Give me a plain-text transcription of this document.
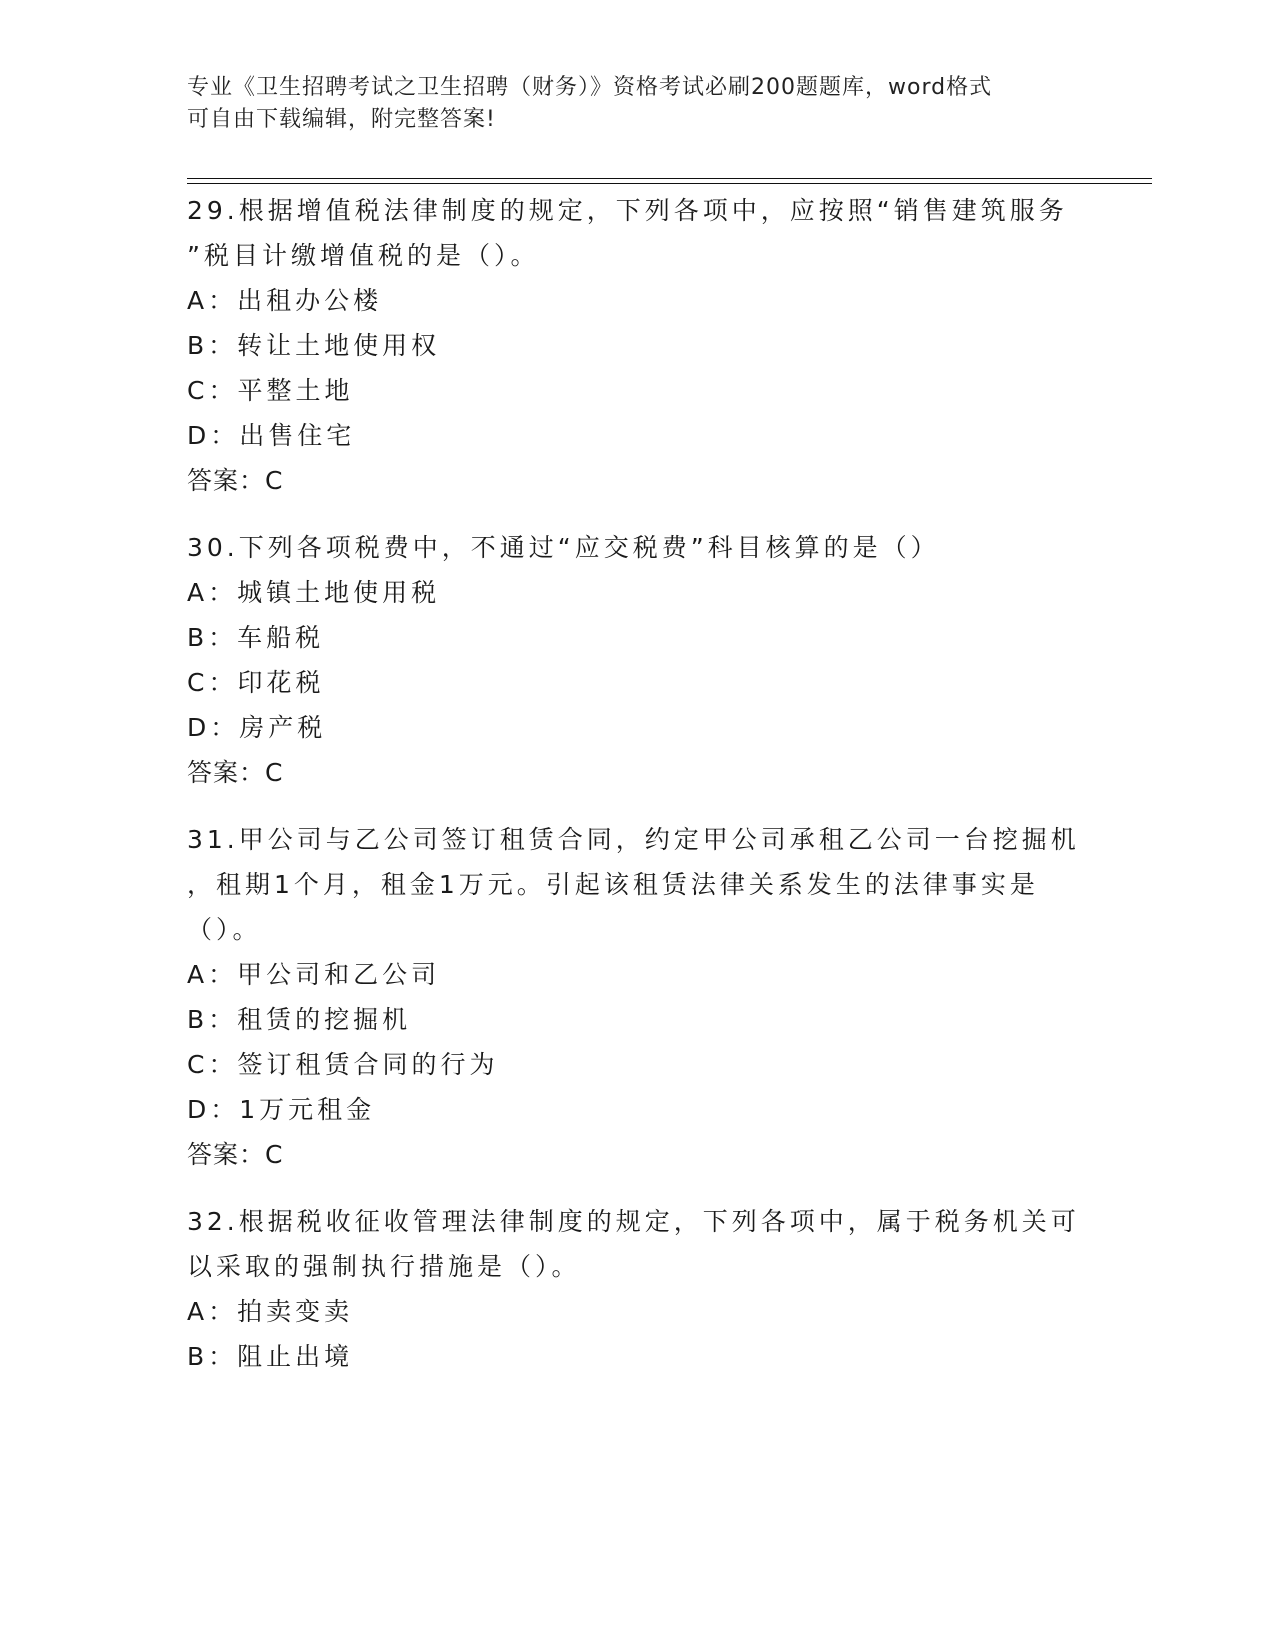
专业《卫生招聘考试之卫生招聘（财务）》资格考试必刷200题题库，word格式
可自由下载编辑，附完整答案!
29.根据增值税法律制度的规定，下列各项中，应按照“销售建筑服务
”税目计缴增值税的是（）。
A：出租办公楼
B：转让土地使用权
C：平整土地
D：出售住宅
答案：C
30.下列各项税费中，不通过“应交税费”科目核算的是（）
A：城镇土地使用税
B：车船税
C：印花税
D：房产税
答案：C
31.甲公司与乙公司签订租赁合同，约定甲公司承租乙公司一台挖掘机
，租期1个月，租金1万元。引起该租赁法律关系发生的法律事实是
（）。
A：甲公司和乙公司
B：租赁的挖掘机
C：签订租赁合同的行为
D：1万元租金
答案：C
32.根据税收征收管理法律制度的规定，下列各项中，属于税务机关可
以采取的强制执行措施是（）。
A：拍卖变卖
B：阻止出境
